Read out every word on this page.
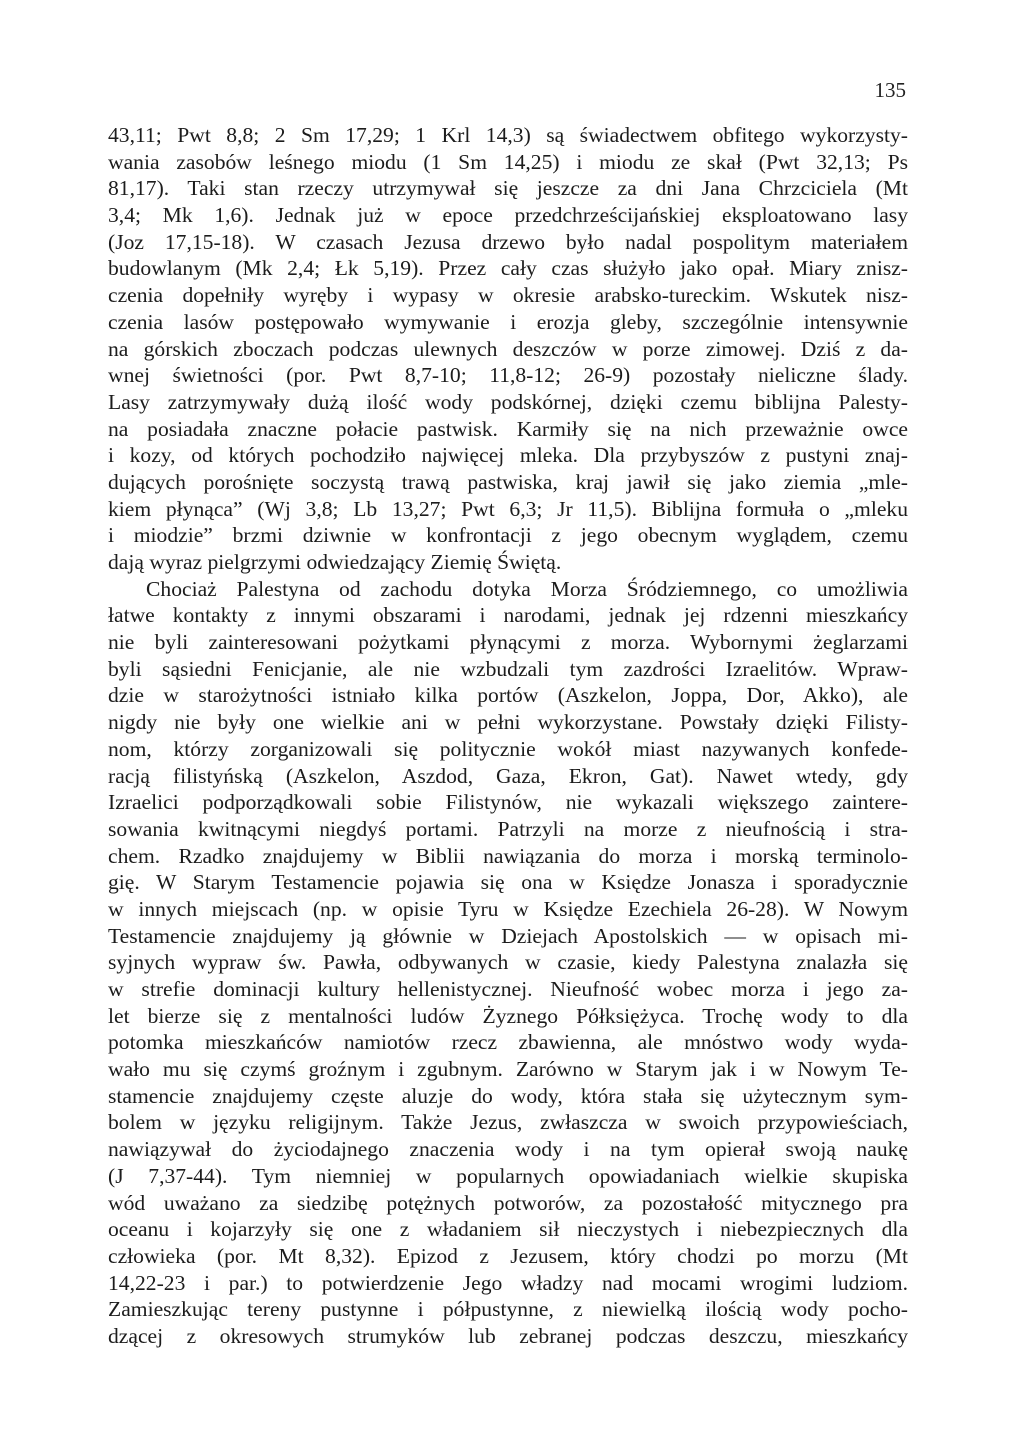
135
43,11; Pwt 8,8; 2 Sm 17,29; 1 Krl 14,3) są świadectwem obfitego wykorzysty-
wania zasobów leśnego miodu (1 Sm 14,25) i miodu ze skał (Pwt 32,13; Ps
81,17). Taki stan rzeczy utrzymywał się jeszcze za dni Jana Chrzciciela (Mt
3,4; Mk 1,6). Jednak już w epoce przedchrześcijańskiej eksploatowano lasy
(Joz 17,15-18). W czasach Jezusa drzewo było nadal pospolitym materiałem
budowlanym (Mk 2,4; Łk 5,19). Przez cały czas służyło jako opał. Miary znisz-
czenia dopełniły wyręby i wypasy w okresie arabsko-tureckim. Wskutek nisz-
czenia lasów postępowało wymywanie i erozja gleby, szczególnie intensywnie
na górskich zboczach podczas ulewnych deszczów w porze zimowej. Dziś z da-
wnej świetności (por. Pwt 8,7-10; 11,8-12; 26-9) pozostały nieliczne ślady.
Lasy zatrzymywały dużą ilość wody podskórnej, dzięki czemu biblijna Palesty-
na posiadała znaczne połacie pastwisk. Karmiły się na nich przeważnie owce
i kozy, od których pochodziło najwięcej mleka. Dla przybyszów z pustyni znaj-
dujących porośnięte soczystą trawą pastwiska, kraj jawił się jako ziemia „mle-
kiem płynąca” (Wj 3,8; Lb 13,27; Pwt 6,3; Jr 11,5). Biblijna formuła o „mleku
i miodzie” brzmi dziwnie w konfrontacji z jego obecnym wyglądem, czemu
dają wyraz pielgrzymi odwiedzający Ziemię Świętą.
Chociaż Palestyna od zachodu dotyka Morza Śródziemnego, co umożliwia
łatwe kontakty z innymi obszarami i narodami, jednak jej rdzenni mieszkańcy
nie byli zainteresowani pożytkami płynącymi z morza. Wybornymi żeglarzami
byli sąsiedni Fenicjanie, ale nie wzbudzali tym zazdrości Izraelitów. Wpraw-
dzie w starożytności istniało kilka portów (Aszkelon, Joppa, Dor, Akko), ale
nigdy nie były one wielkie ani w pełni wykorzystane. Powstały dzięki Filisty-
nom, którzy zorganizowali się politycznie wokół miast nazywanych konfede-
racją filistyńską (Aszkelon, Aszdod, Gaza, Ekron, Gat). Nawet wtedy, gdy
Izraelici podporządkowali sobie Filistynów, nie wykazali większego zaintere-
sowania kwitnącymi niegdyś portami. Patrzyli na morze z nieufnością i stra-
chem. Rzadko znajdujemy w Biblii nawiązania do morza i morską terminolo-
gię. W Starym Testamencie pojawia się ona w Księdze Jonasza i sporadycznie
w innych miejscach (np. w opisie Tyru w Księdze Ezechiela 26-28). W Nowym
Testamencie znajdujemy ją głównie w Dziejach Apostolskich — w opisach mi-
syjnych wypraw św. Pawła, odbywanych w czasie, kiedy Palestyna znalazła się
w strefie dominacji kultury hellenistycznej. Nieufność wobec morza i jego za-
let bierze się z mentalności ludów Żyznego Półksiężyca. Trochę wody to dla
potomka mieszkańców namiotów rzecz zbawienna, ale mnóstwo wody wyda-
wało mu się czymś groźnym i zgubnym. Zarówno w Starym jak i w Nowym Te-
stamencie znajdujemy częste aluzje do wody, która stała się użytecznym sym-
bolem w języku religijnym. Także Jezus, zwłaszcza w swoich przypowieściach,
nawiązywał do życiodajnego znaczenia wody i na tym opierał swoją naukę
(J 7,37-44). Tym niemniej w popularnych opowiadaniach wielkie skupiska
wód uważano za siedzibę potężnych potworów, za pozostałość mitycznego pra
oceanu i kojarzyły się one z władaniem sił nieczystych i niebezpiecznych dla
człowieka (por. Mt 8,32). Epizod z Jezusem, który chodzi po morzu (Mt
14,22-23 i par.) to potwierdzenie Jego władzy nad mocami wrogimi ludziom.
Zamieszkując tereny pustynne i półpustynne, z niewielką ilością wody pocho-
dzącej z okresowych strumyków lub zebranej podczas deszczu, mieszkańcy
